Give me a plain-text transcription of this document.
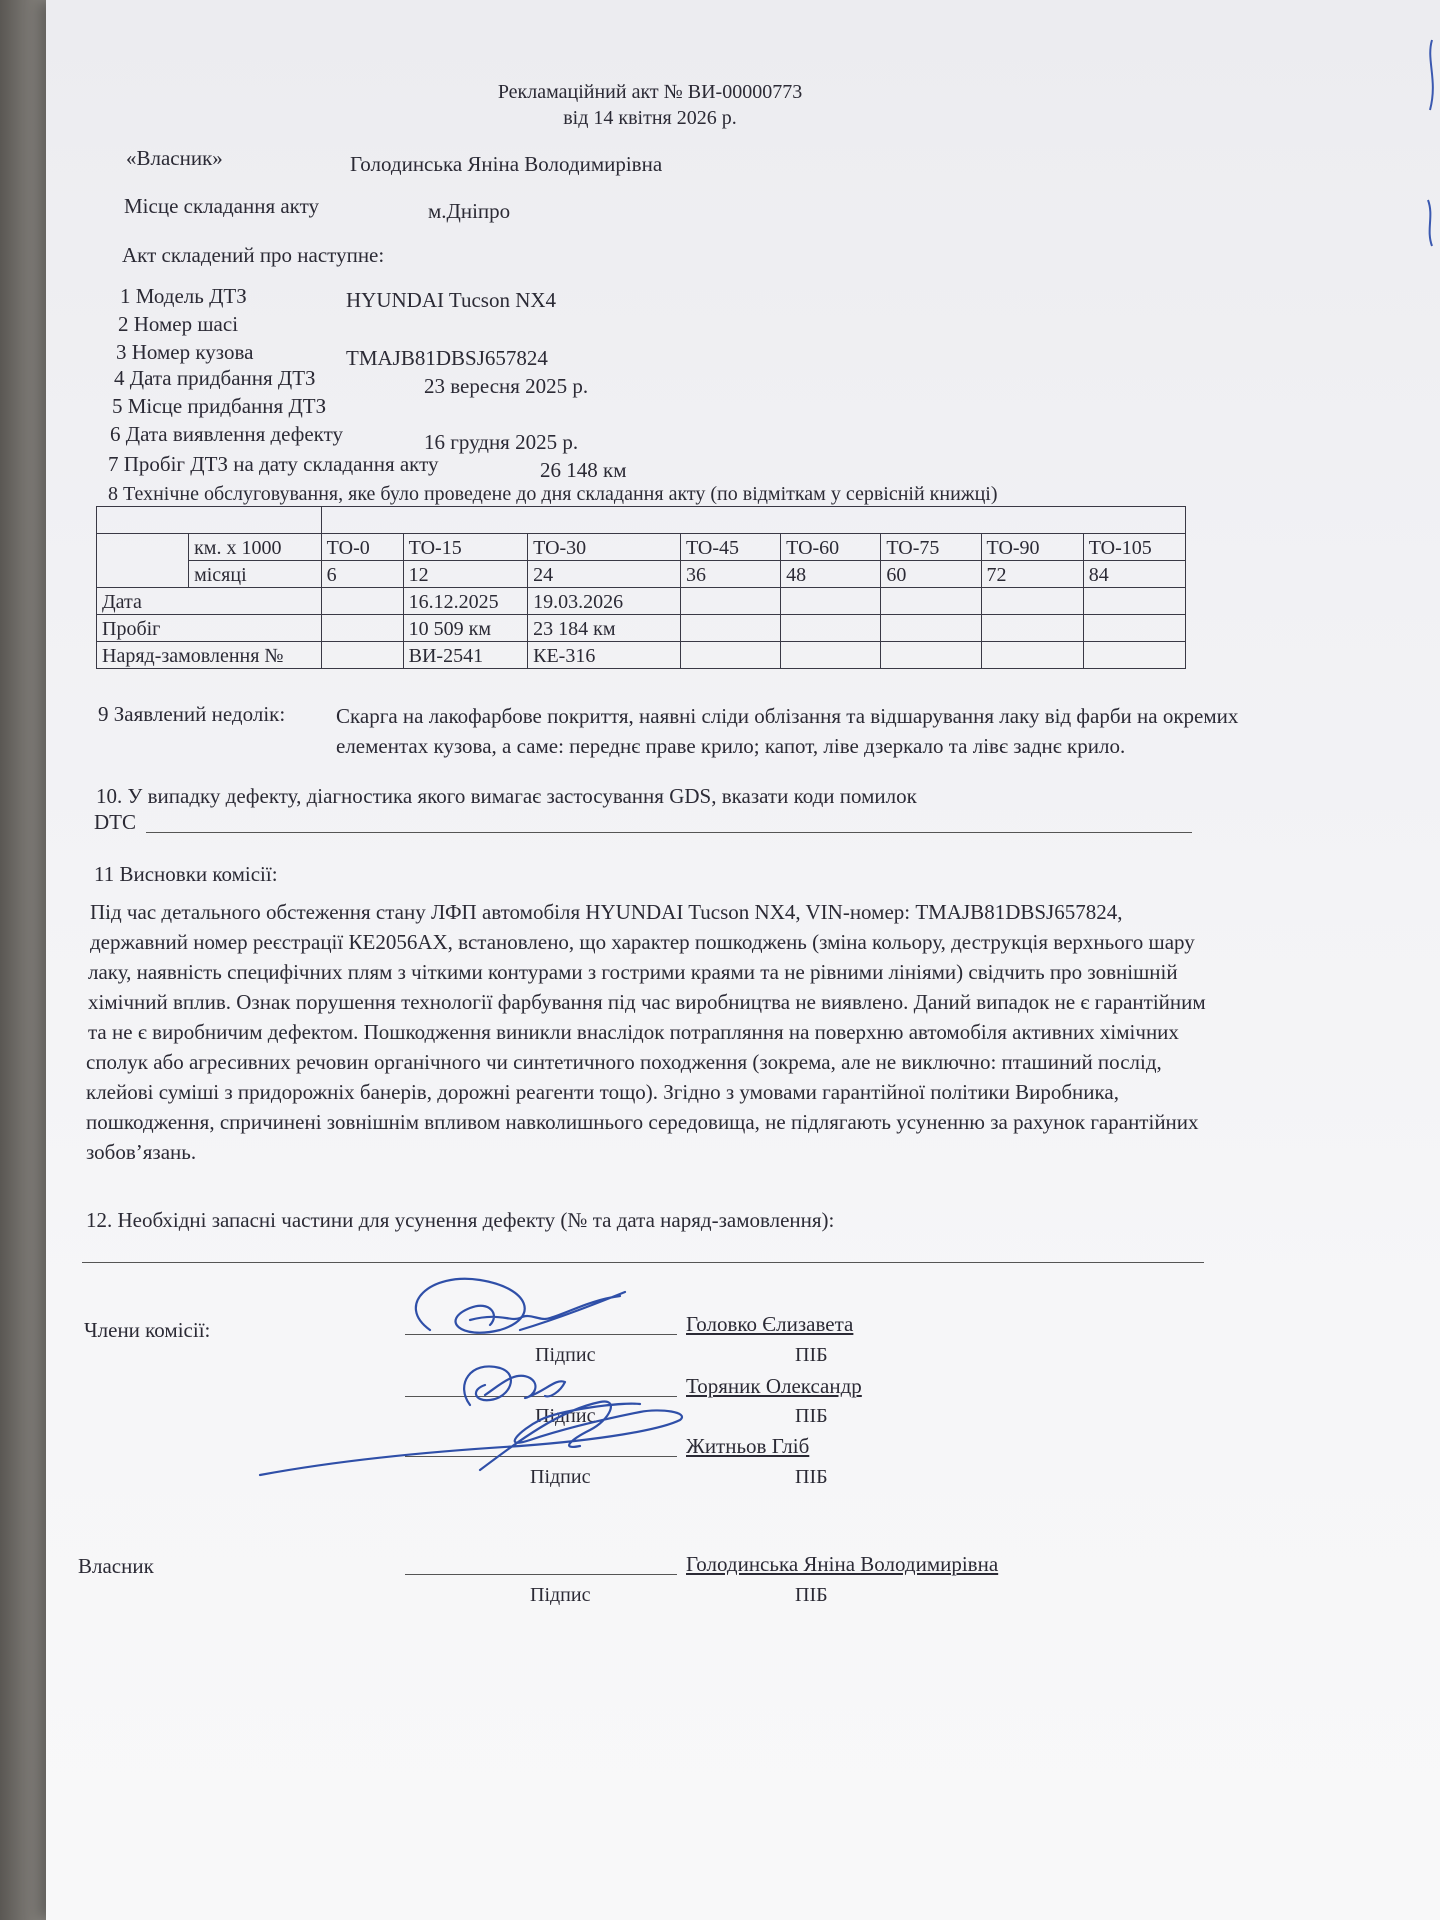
Рекламаційний акт № ВИ-00000773
від 14 квітня 2026 р.
«Власник»	Голодинська Яніна Володимирівна
Місце складання акту	м.Дніпро
Акт складений про наступне:
1 Модель ДТЗ	HYUNDAI Tucson NX4
2 Номер шасі
3 Номер кузова	TMAJB81DBSJ657824
4 Дата придбання ДТЗ	23 вересня 2025 р.
5 Місце придбання ДТЗ
6 Дата виявлення дефекту	16 грудня 2025 р.
7 Пробіг ДТЗ на дату складання акту	26 148 км
8 Технічне обслуговування, яке було проведене до дня складання акту (по відміткам у сервісній книжці)

	км. х 1000	ТО-0	ТО-15	ТО-30	ТО-45	ТО-60	ТО-75	ТО-90	ТО-105
	місяці	6	12	24	36	48	60	72	84
Дата			16.12.2025	19.03.2026					
Пробіг			10 509 км	23 184 км					
Наряд-замовлення №			ВИ-2541	КЕ-316					
9 Заявлений недолік: Скарга на лакофарбове покриття, наявні сліди облізання та відшарування лаку від фарби на окремих
елементах кузова, а саме: переднє праве крило; капот, ліве дзеркало та лівє заднє крило.
10. У випадку дефекту, діагностика якого вимагає застосування GDS, вказати коди помилок
DTC
11 Висновки комісії:
Під час детального обстеження стану ЛФП автомобіля HYUNDAI Tucson NX4, VIN-номер: TMAJB81DBSJ657824,
державний номер реєстрації КЕ2056АХ, встановлено, що характер пошкоджень (зміна кольору, деструкція верхнього шару
лаку, наявність специфічних плям з чіткими контурами з гострими краями та не рівними лініями) свідчить про зовнішній
хімічний вплив. Ознак порушення технології фарбування під час виробництва не виявлено. Даний випадок не є гарантійним
та не є виробничим дефектом. Пошкодження виникли внаслідок потрапляння на поверхню автомобіля активних хімічних
сполук або агресивних речовин органічного чи синтетичного походження (зокрема, але не виключно: пташиний послід,
клейові суміші з придорожніх банерів, дорожні реагенти тощо). Згідно з умовами гарантійної політики Виробника,
пошкодження, спричинені зовнішнім впливом навколишнього середовища, не підлягають усуненню за рахунок гарантійних
зобов’язань.
12. Необхідні запасні частини для усунення дефекту (№ та дата наряд-замовлення):
Члени комісії:	Головко Єлизавета
Підпис	ПІБ
Торяник Олександр
Підпис	ПІБ
Житньов Гліб
Підпис	ПІБ
Власник	Голодинська Яніна Володимирівна
Підпис	ПІБ
